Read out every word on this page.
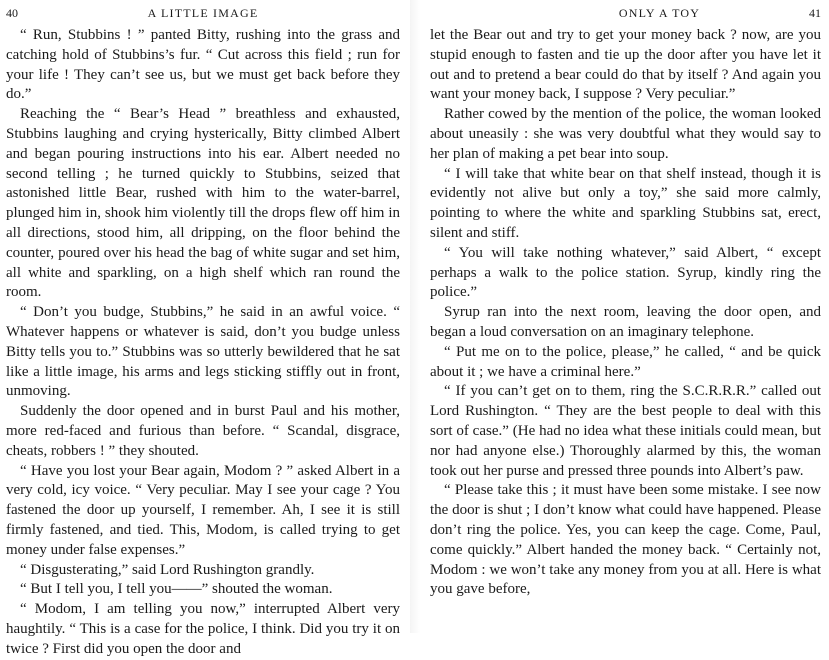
40	A LITTLE IMAGE

“ Run, Stubbins ! ” panted Bitty, rushing into the grass and catching hold of Stubbins’s fur. “ Cut across this field ; run for your life ! They can’t see us, but we must get back before they do.”

Reaching the “ Bear’s Head ” breathless and exhausted, Stubbins laughing and crying hysterically, Bitty climbed Albert and began pouring instructions into his ear. Albert needed no second telling ; he turned quickly to Stubbins, seized that astonished little Bear, rushed with him to the water-barrel, plunged him in, shook him violently till the drops flew off him in all directions, stood him, all dripping, on the floor behind the counter, poured over his head the bag of white sugar and set him, all white and sparkling, on a high shelf which ran round the room.

“ Don’t you budge, Stubbins,” he said in an awful voice. “ Whatever happens or whatever is said, don’t you budge unless Bitty tells you to.” Stubbins was so utterly bewildered that he sat like a little image, his arms and legs sticking stiffly out in front, unmoving.

Suddenly the door opened and in burst Paul and his mother, more red-faced and furious than before. “ Scandal, disgrace, cheats, robbers ! ” they shouted.

“ Have you lost your Bear again, Modom ? ” asked Albert in a very cold, icy voice. “ Very peculiar. May I see your cage ? You fastened the door up yourself, I remember. Ah, I see it is still firmly fastened, and tied. This, Modom, is called trying to get money under false expenses.”

“ Disgusterating,” said Lord Rushington grandly.

“ But I tell you, I tell you——” shouted the woman.

“ Modom, I am telling you now,” interrupted Albert very haughtily. “ This is a case for the police, I think. Did you try it on twice ? First did you open the door and

ONLY A TOY	41

let the Bear out and try to get your money back ? now, are you stupid enough to fasten and tie up the door after you have let it out and to pretend a bear could do that by itself ? And again you want your money back, I suppose ? Very peculiar.”

Rather cowed by the mention of the police, the woman looked about uneasily : she was very doubtful what they would say to her plan of making a pet bear into soup.

“ I will take that white bear on that shelf instead, though it is evidently not alive but only a toy,” she said more calmly, pointing to where the white and sparkling Stubbins sat, erect, silent and stiff.

“ You will take nothing whatever,” said Albert, “ except perhaps a walk to the police station. Syrup, kindly ring the police.”

Syrup ran into the next room, leaving the door open, and began a loud conversation on an imaginary telephone.

“ Put me on to the police, please,” he called, “ and be quick about it ; we have a criminal here.”

“ If you can’t get on to them, ring the S.C.R.R.R.” called out Lord Rushington. “ They are the best people to deal with this sort of case.” (He had no idea what these initials could mean, but nor had anyone else.) Thoroughly alarmed by this, the woman took out her purse and pressed three pounds into Albert’s paw.

“ Please take this ; it must have been some mistake. I see now the door is shut ; I don’t know what could have happened. Please don’t ring the police. Yes, you can keep the cage. Come, Paul, come quickly.” Albert handed the money back. “ Certainly not, Modom : we won’t take any money from you at all. Here is what you gave before,
